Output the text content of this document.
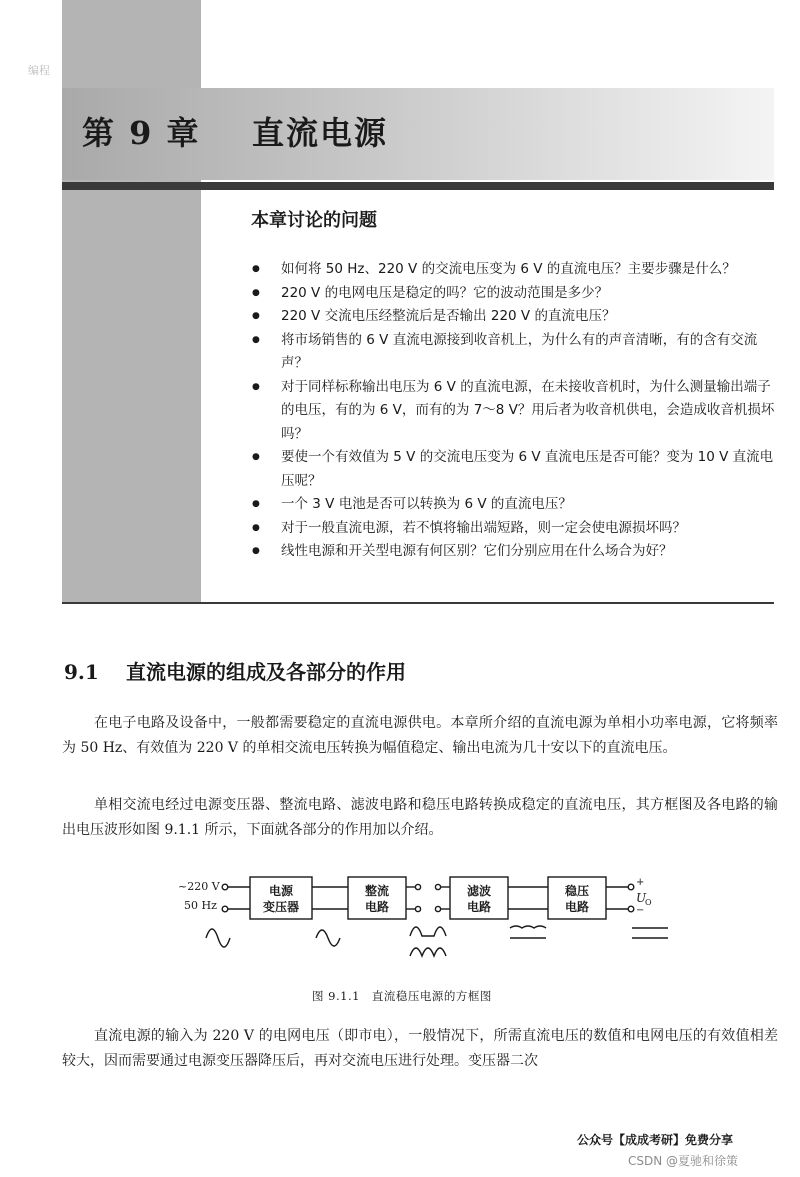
编程
第 9 章 直流电源
本章讨论的问题
● 如何将 50 Hz、220 V 的交流电压变为 6 V 的直流电压？主要步骤是什么？
● 220 V 的电网电压是稳定的吗？它的波动范围是多少？
● 220 V 交流电压经整流后是否输出 220 V 的直流电压？
● 将市场销售的 6 V 直流电源接到收音机上，为什么有的声音清晰，有的含有交流声？
● 对于同样标称输出电压为 6 V 的直流电源，在未接收音机时，为什么测量输出端子的电压，有的为 6 V，而有的为 7～8 V？用后者为收音机供电，会造成收音机损坏吗？
● 要使一个有效值为 5 V 的交流电压变为 6 V 直流电压是否可能？变为 10 V 直流电压呢？
● 一个 3 V 电池是否可以转换为 6 V 的直流电压？
● 对于一般直流电源，若不慎将输出端短路，则一定会使电源损坏吗？
● 线性电源和开关型电源有何区别？它们分别应用在什么场合为好？
9.1 直流电源的组成及各部分的作用

在电子电路及设备中，一般都需要稳定的直流电源供电。本章所介绍的直流电源为单相小功率电源，它将频率为 50 Hz、有效值为 220 V 的单相交流电压转换为幅值稳定、输出电流为几十安以下的直流电压。

单相交流电经过电源变压器、整流电路、滤波电路和稳压电路转换成稳定的直流电压，其方框图及各电路的输出电压波形如图 9.1.1 所示，下面就各部分的作用加以介绍。

~220 V
50 Hz
电源
变压器
整流
电路
滤波
电路
稳压
电路
+
−
U
O
图 9.1.1　直流稳压电源的方框图

直流电源的输入为 220 V 的电网电压（即市电），一般情况下，所需直流电压的数值和电网电压的有效值相差较大，因而需要通过电源变压器降压后，再对交流电压进行处理。变压器二次

公众号【成成考研】免费分享
CSDN @夏驰和徐策
